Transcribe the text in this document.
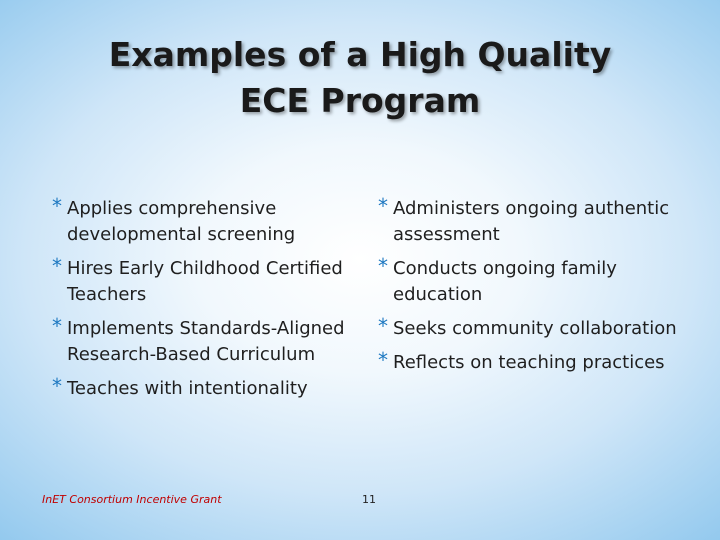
Examples of a High Quality
ECE Program
* Applies comprehensive developmental screening
* Hires Early Childhood Certified Teachers
* Implements Standards-Aligned Research-Based Curriculum
* Teaches with intentionality
* Administers ongoing authentic assessment
* Conducts ongoing family education
* Seeks community collaboration
* Reflects on teaching practices
InET Consortium Incentive Grant	11
